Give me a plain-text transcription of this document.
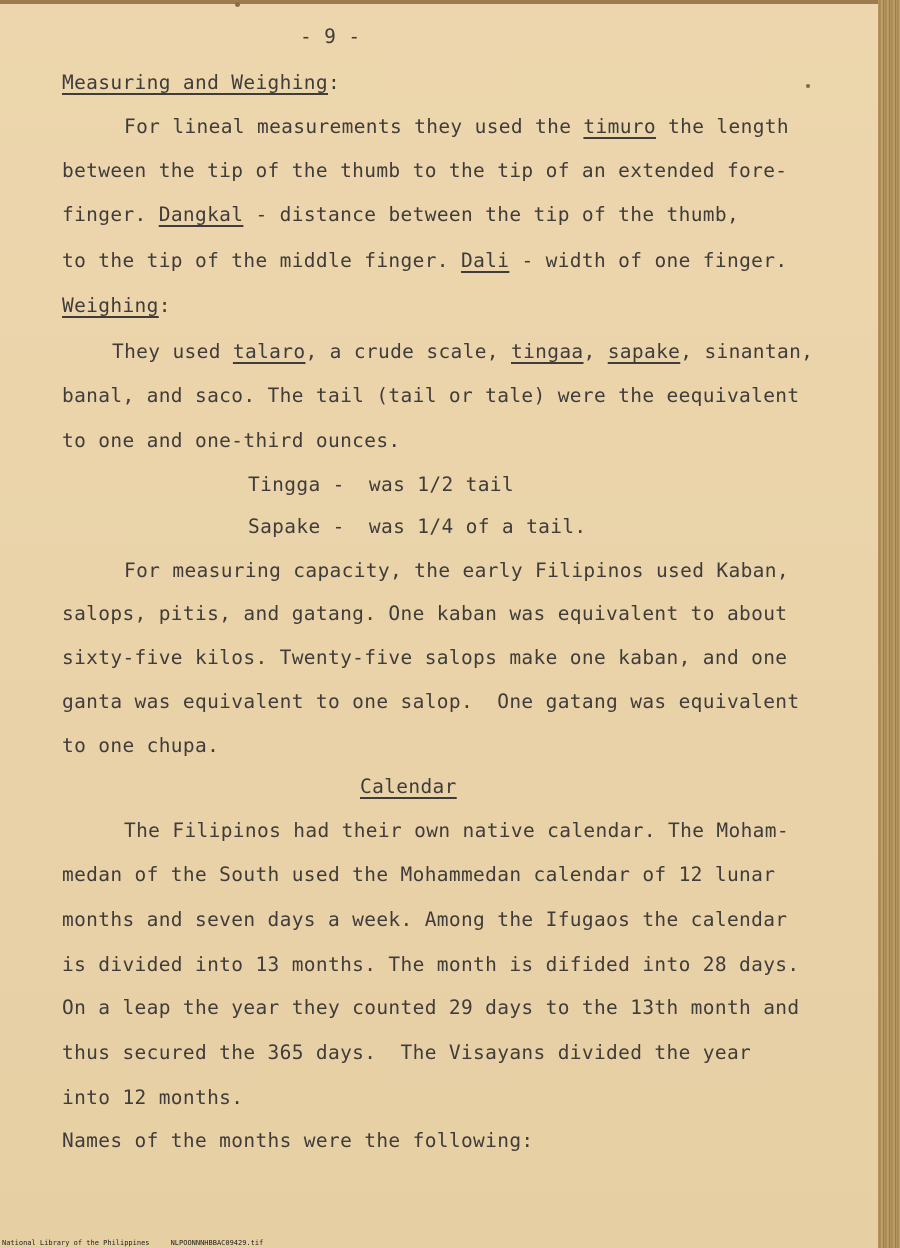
- 9 -
Measuring and Weighing:
For lineal measurements they used the timuro the length
between the tip of the thumb to the tip of an extended fore-
finger. Dangkal - distance between the tip of the thumb,
to the tip of the middle finger. Dali - width of one finger.
Weighing:
They used talaro, a crude scale, tingaa, sapake, sinantan,
banal, and saco. The tail (tail or tale) were the eequivalent
to one and one-third ounces.
Tingga -  was 1/2 tail
Sapake -  was 1/4 of a tail.
For measuring capacity, the early Filipinos used Kaban,
salops, pitis, and gatang. One kaban was equivalent to about
sixty-five kilos. Twenty-five salops make one kaban, and one
ganta was equivalent to one salop.  One gatang was equivalent
to one chupa.
Calendar
The Filipinos had their own native calendar. The Moham-
medan of the South used the Mohammedan calendar of 12 lunar
months and seven days a week. Among the Ifugaos the calendar
is divided into 13 months. The month is difided into 28 days.
On a leap the year they counted 29 days to the 13th month and
thus secured the 365 days.  The Visayans divided the year
into 12 months.
Names of the months were the following:
National Library of the Philippines	NLPOONNNHBBAC09429.tif
